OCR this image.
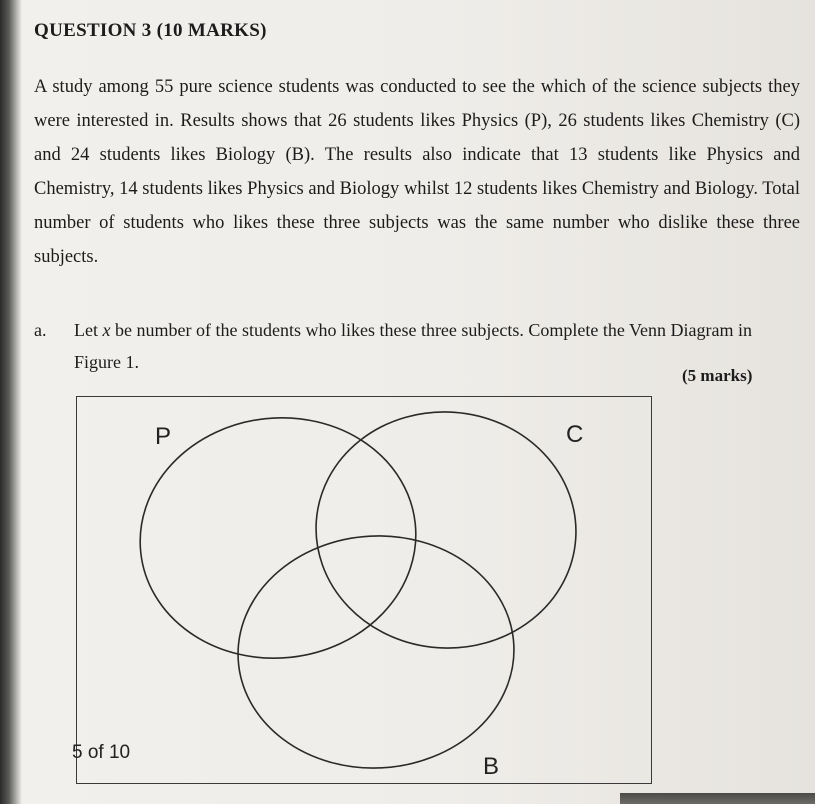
QUESTION 3 (10 MARKS)
A study among 55 pure science students was conducted to see the which of the science subjects they were interested in. Results shows that 26 students likes Physics (P), 26 students likes Chemistry (C) and 24 students likes Biology (B). The results also indicate that 13 students like Physics and Chemistry, 14 students likes Physics and Biology whilst 12 students likes Chemistry and Biology. Total number of students who likes these three subjects was the same number who dislike these three subjects.
a. Let x be number of the students who likes these three subjects. Complete the Venn Diagram in Figure 1.
(5 marks)
P	C
B
5 of 10
